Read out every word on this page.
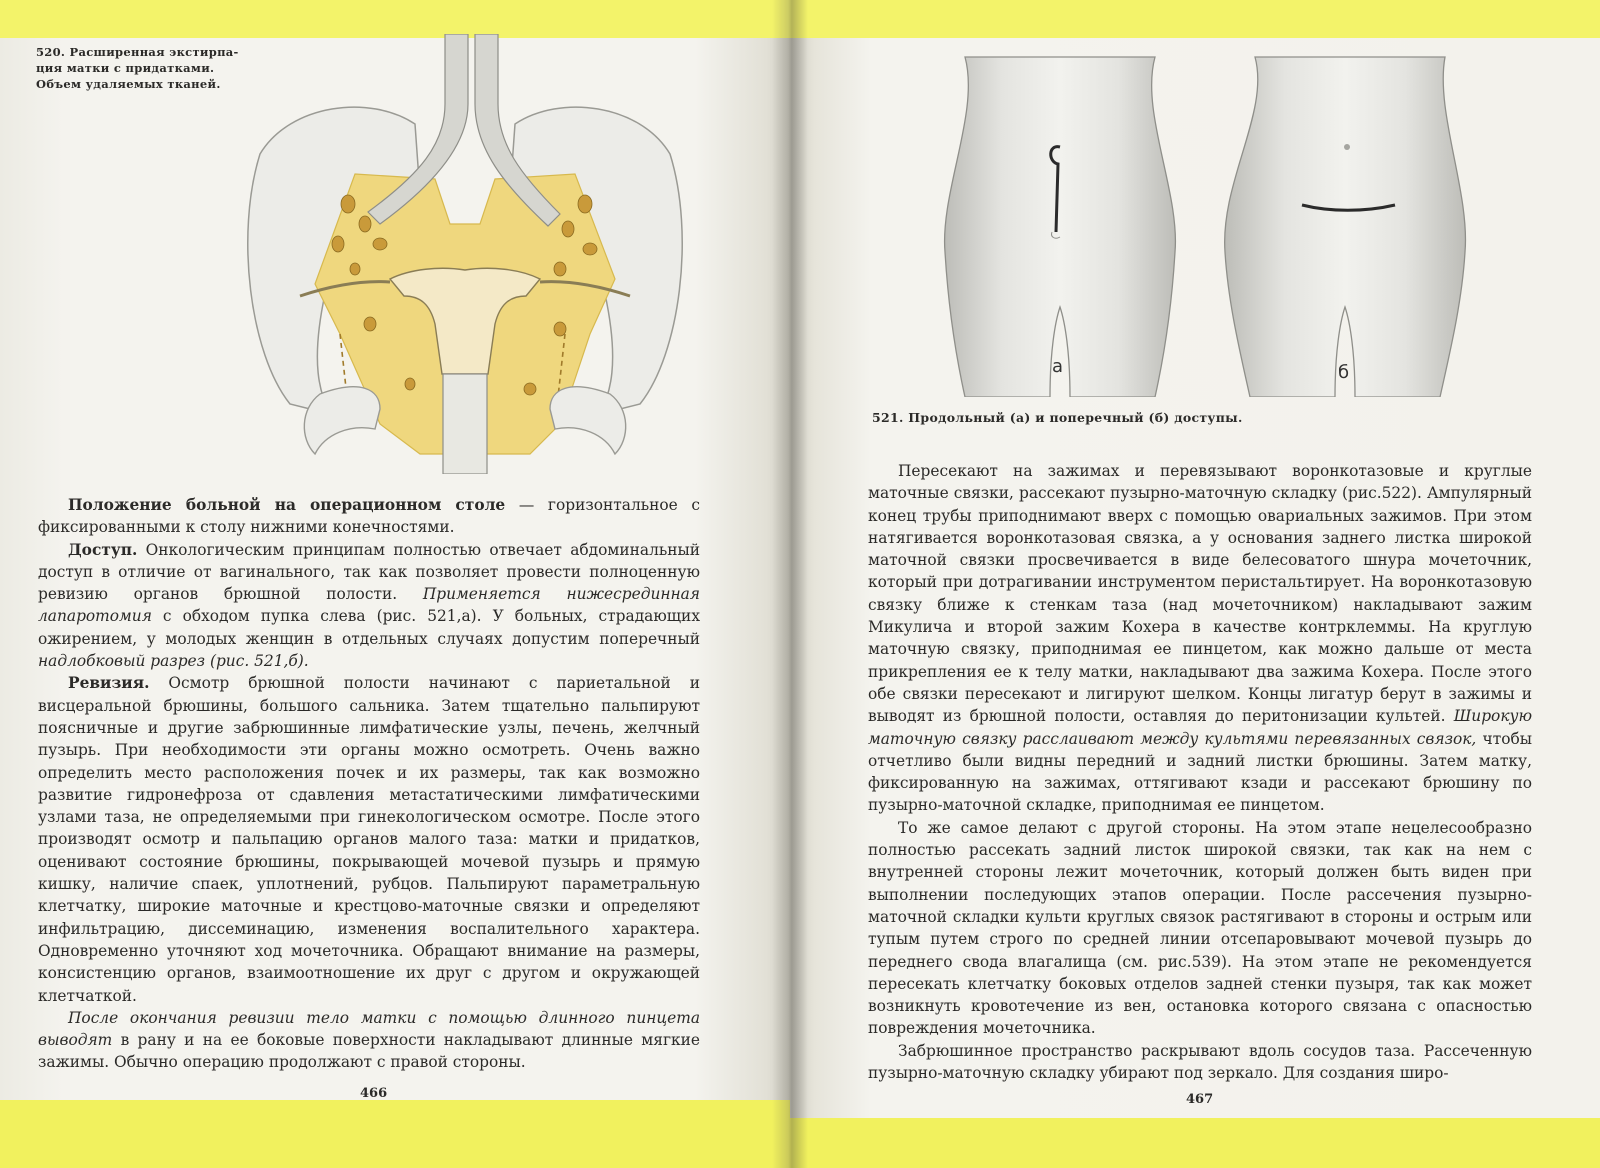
520. Расширенная экстирпа-
ция матки с придатками.
Объем удаляемых тканей.

Положение больной на операционном столе — горизонтальное с фиксированными к столу нижними конечностями.

Доступ. Онкологическим принципам полностью отвечает абдоминальный доступ в отличие от вагинального, так как позволяет провести полноценную ревизию органов брюшной полости. Применяется нижесрединная лапаротомия с обходом пупка слева (рис. 521,а). У больных, страдающих ожирением, у молодых женщин в отдельных случаях допустим поперечный надлобковый разрез (рис. 521,б).

Ревизия. Осмотр брюшной полости начинают с париетальной и висцеральной брюшины, большого сальника. Затем тщательно пальпируют поясничные и другие забрюшинные лимфатические узлы, печень, желчный пузырь. При необходимости эти органы можно осмотреть. Очень важно определить место расположения почек и их размеры, так как возможно развитие гидронефроза от сдавления метастатическими лимфатическими узлами таза, не определяемыми при гинекологическом осмотре. После этого производят осмотр и пальпацию органов малого таза: матки и придатков, оценивают состояние брюшины, покрывающей мочевой пузырь и прямую кишку, наличие спаек, уплотнений, рубцов. Пальпируют параметральную клетчатку, широкие маточные и крестцово-маточные связки и определяют инфильтрацию, диссеминацию, изменения воспалительного характера. Одновременно уточняют ход мочеточника. Обращают внимание на размеры, консистенцию органов, взаимоотношение их друг с другом и окружающей клетчаткой.

После окончания ревизии тело матки с помощью длинного пинцета выводят в рану и на ее боковые поверхности накладывают длинные мягкие зажимы. Обычно операцию продолжают с правой стороны.

466
а	б
521. Продольный (а) и поперечный (б) доступы.

Пересекают на зажимах и перевязывают воронкотазовые и круглые маточные связки, рассекают пузырно-маточную складку (рис.522). Ампулярный конец трубы приподнимают вверх с помощью овариальных зажимов. При этом натягивается воронкотазовая связка, а у основания заднего листка широкой маточной связки просвечивается в виде белесоватого шнура мочеточник, который при дотрагивании инструментом перистальтирует. На воронкотазовую связку ближе к стенкам таза (над мочеточником) накладывают зажим Микулича и второй зажим Кохера в качестве контрклеммы. На круглую маточную связку, приподнимая ее пинцетом, как можно дальше от места прикрепления ее к телу матки, накладывают два зажима Кохера. После этого обе связки пересекают и лигируют шелком. Концы лигатур берут в зажимы и выводят из брюшной полости, оставляя до перитонизации культей. Широкую маточную связку расслаивают между культями перевязанных связок, чтобы отчетливо были видны передний и задний листки брюшины. Затем матку, фиксированную на зажимах, оттягивают кзади и рассекают брюшину по пузырно-маточной складке, приподнимая ее пинцетом.

То же самое делают с другой стороны. На этом этапе нецелесообразно полностью рассекать задний листок широкой связки, так как на нем с внутренней стороны лежит мочеточник, который должен быть виден при выполнении последующих этапов операции. После рассечения пузырно-маточной складки культи круглых связок растягивают в стороны и острым или тупым путем строго по средней линии отсепаровывают мочевой пузырь до переднего свода влагалища (см. рис.539). На этом этапе не рекомендуется пересекать клетчатку боковых отделов задней стенки пузыря, так как может возникнуть кровотечение из вен, остановка которого связана с опасностью повреждения мочеточника.

Забрюшинное пространство раскрывают вдоль сосудов таза. Рассеченную пузырно-маточную складку убирают под зеркало. Для создания широ-

467
